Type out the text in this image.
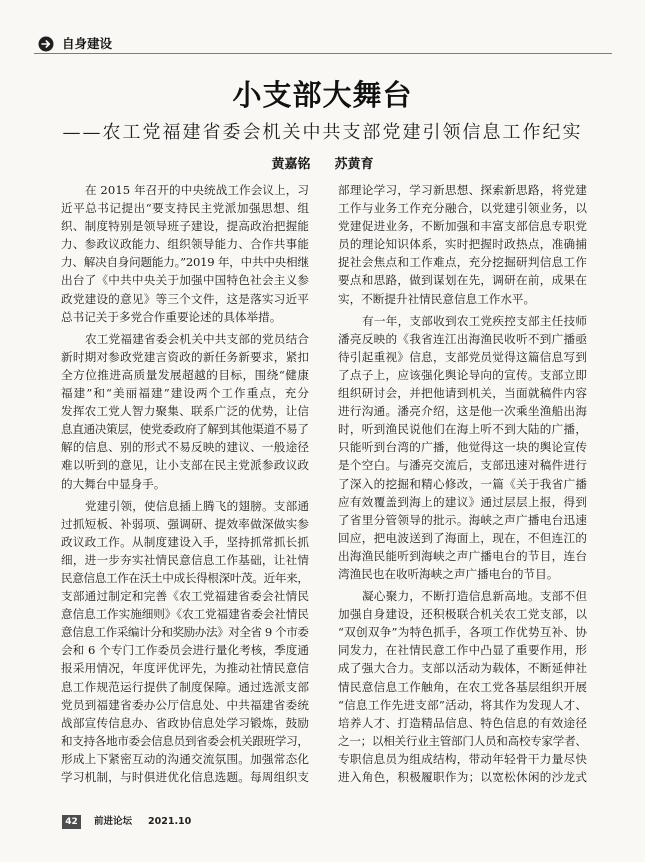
自身建设
小支部大舞台
——农工党福建省委会机关中共支部党建引领信息工作纪实
黄嘉铭 苏黄育
在 2015 年召开的中央统战工作会议上，习
近平总书记提出“要支持民主党派加强思想、组
织、制度特别是领导班子建设，提高政治把握能
力、参政议政能力、组织领导能力、合作共事能
力、解决自身问题能力。”2019 年，中共中央相继
出台了《中共中央关于加强中国特色社会主义参
政党建设的意见》等三个文件，这是落实习近平
总书记关于多党合作重要论述的具体举措。
农工党福建省委会机关中共支部的党员结合
新时期对参政党建言资政的新任务新要求，紧扣
全方位推进高质量发展超越的目标，围绕“健康
福建”和“美丽福建”建设两个工作重点，充分
发挥农工党人智力聚集、联系广泛的优势，让信
息直通决策层，使党委政府了解到其他渠道不易了
解的信息、别的形式不易反映的建议、一般途径
难以听到的意见，让小支部在民主党派参政议政
的大舞台中显身手。
党建引领，使信息插上腾飞的翅膀。支部通
过抓短板、补弱项、强调研、提效率做深做实参
政议政工作。从制度建设入手，坚持抓常抓长抓
细，进一步夯实社情民意信息工作基础，让社情
民意信息工作在沃土中成长得根深叶茂。近年来，
支部通过制定和完善《农工党福建省委会社情民
意信息工作实施细则》《农工党福建省委会社情民
意信息工作采编计分和奖励办法》对全省 9 个市委
会和 6 个专门工作委员会进行量化考核，季度通
报采用情况，年度评优评先，为推动社情民意信
息工作规范运行提供了制度保障。通过选派支部
党员到福建省委办公厅信息处、中共福建省委统
战部宣传信息办、省政协信息处学习锻炼，鼓励
和支持各地市委会信息员到省委会机关跟班学习，
形成上下紧密互动的沟通交流氛围。加强常态化
学习机制，与时俱进优化信息选题。每周组织支
部理论学习，学习新思想、探索新思路，将党建
工作与业务工作充分融合，以党建引领业务，以
党建促进业务，不断加强和丰富支部信息专职党
员的理论知识体系，实时把握时政热点，准确捕
捉社会焦点和工作难点，充分挖掘研判信息工作
要点和思路，做到谋划在先，调研在前，成果在
实，不断提升社情民意信息工作水平。
有一年，支部收到农工党疾控支部主任技师
潘亮反映的《我省连江出海渔民收听不到广播亟
待引起重视》信息，支部党员觉得这篇信息写到
了点子上，应该强化舆论导向的宣传。支部立即
组织研讨会，并把他请到机关，当面就稿件内容
进行沟通。潘亮介绍，这是他一次乘坐渔船出海
时，听到渔民说他们在海上听不到大陆的广播，
只能听到台湾的广播，他觉得这一块的舆论宣传
是个空白。与潘亮交流后，支部迅速对稿件进行
了深入的挖掘和精心修改，一篇《关于我省广播
应有效覆盖到海上的建议》通过层层上报，得到
了省里分管领导的批示。海峡之声广播电台迅速
回应，把电波送到了海面上，现在，不但连江的
出海渔民能听到海峡之声广播电台的节目，连台
湾渔民也在收听海峡之声广播电台的节目。
凝心聚力，不断打造信息新高地。支部不但
加强自身建设，还积极联合机关农工党支部，以
“双创双争”为特色抓手，各项工作优势互补、协
同发力，在社情民意工作中凸显了重要作用，形
成了强大合力。支部以活动为载体，不断延伸社
情民意信息工作触角，在农工党各基层组织开展
“信息工作先进支部”活动，将其作为发现人才、
培养人才、打造精品信息、特色信息的有效途径
之一；以相关行业主管部门人员和高校专家学者、
专职信息员为组成结构，带动年轻骨干力量尽快
进入角色，积极履职作为；以宽松休闲的沙龙式
42	前进论坛 2021.10
